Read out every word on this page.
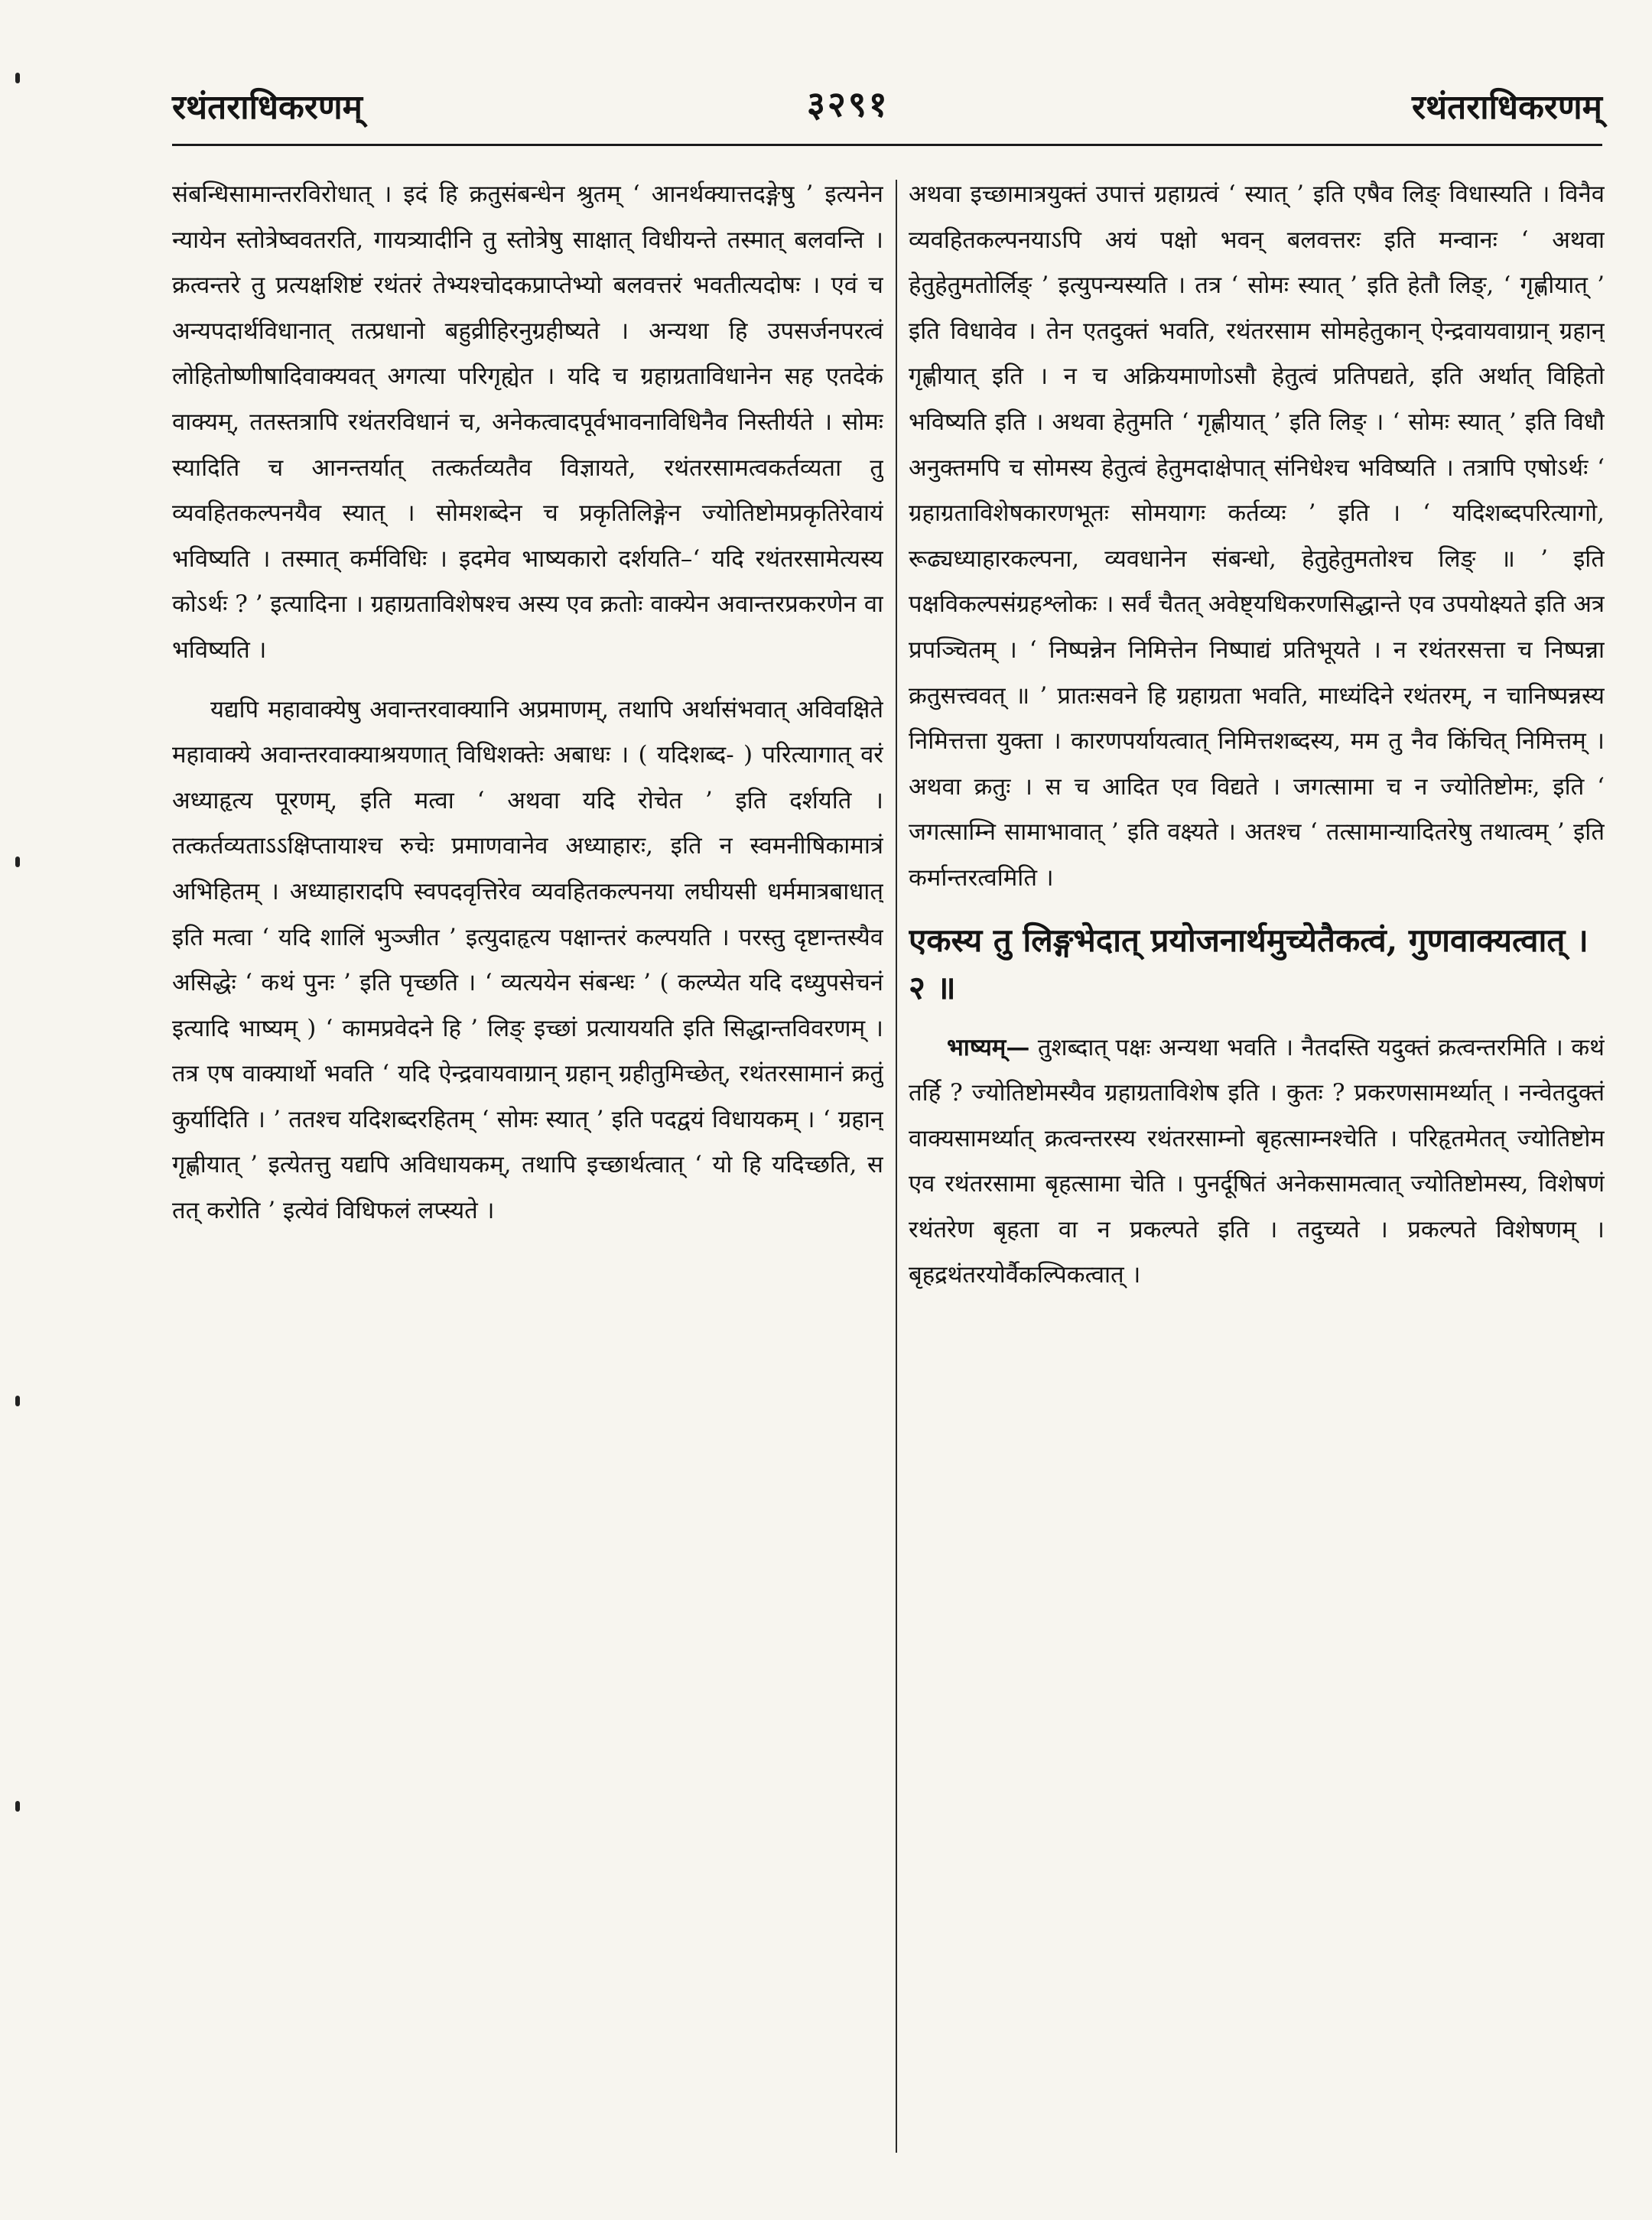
रथंतराधिकरणम्	३२९१	रथंतराधिकरणम्

संबन्धिसामान्तरविरोधात् । इदं हि क्रतुसंबन्धेन श्रुतम् ‘ आनर्थक्यात्तदङ्गेषु ’ इत्यनेन न्यायेन स्तोत्रेष्ववतरति, गायत्र्यादीनि तु स्तोत्रेषु साक्षात् विधीयन्ते तस्मात् बलवन्ति । क्रत्वन्तरे तु प्रत्यक्षशिष्टं रथंतरं तेभ्यश्चोदकप्राप्तेभ्यो बलवत्तरं भवतीत्यदोषः । एवं च अन्यपदार्थविधानात् तत्प्रधानो बहुव्रीहिरनुग्रहीष्यते । अन्यथा हि उपसर्जनपरत्वं लोहितोष्णीषादिवाक्यवत् अगत्या परिगृह्येत । यदि च ग्रहाग्रताविधानेन सह एतदेकं वाक्यम्, ततस्तत्रापि रथंतरविधानं च, अनेकत्वादपूर्वभावनाविधिनैव निस्तीर्यते । सोमः स्यादिति च आनन्तर्यात् तत्कर्तव्यतैव विज्ञायते, रथंतरसामत्वकर्तव्यता तु व्यवहितकल्पनयैव स्यात् । सोमशब्देन च प्रकृतिलिङ्गेन ज्योतिष्टोमप्रकृतिरेवायं भविष्यति । तस्मात् कर्मविधिः । इदमेव भाष्यकारो दर्शयति–‘ यदि रथंतरसामेत्यस्य कोऽर्थः ? ’ इत्यादिना । ग्रहाग्रताविशेषश्च अस्य एव क्रतोः वाक्येन अवान्तरप्रकरणेन वा भविष्यति ।

यद्यपि महावाक्येषु अवान्तरवाक्यानि अप्रमाणम्, तथापि अर्थासंभवात् अविवक्षिते महावाक्ये अवान्तरवाक्याश्रयणात् विधिशक्तेः अबाधः । ( यदिशब्द- ) परित्यागात् वरं अध्याहृत्य पूरणम्, इति मत्वा ‘ अथवा यदि रोचेत ’ इति दर्शयति । तत्कर्तव्यताऽऽक्षिप्तायाश्च रुचेः प्रमाणवानेव अध्याहारः, इति न स्वमनीषिकामात्रं अभिहितम् । अध्याहारादपि स्वपदवृत्तिरेव व्यवहितकल्पनया लघीयसी धर्ममात्रबाधात् इति मत्वा ‘ यदि शालिं भुञ्जीत ’ इत्युदाहृत्य पक्षान्तरं कल्पयति । परस्तु दृष्टान्तस्यैव असिद्धेः ‘ कथं पुनः ’ इति पृच्छति । ‘ व्यत्ययेन संबन्धः ’ ( कल्प्येत यदि दध्युपसेचनं इत्यादि भाष्यम् ) ‘ कामप्रवेदने हि ’ लिङ् इच्छां प्रत्याययति इति सिद्धान्तविवरणम् । तत्र एष वाक्यार्थो भवति ‘ यदि ऐन्द्रवायवाग्रान् ग्रहान् ग्रहीतुमिच्छेत्, रथंतरसामानं क्रतुं कुर्यादिति । ’ ततश्च यदिशब्दरहितम् ‘ सोमः स्यात् ’ इति पदद्वयं विधायकम् । ‘ ग्रहान् गृह्णीयात् ’ इत्येतत्तु यद्यपि अविधायकम्, तथापि इच्छार्थत्वात् ‘ यो हि यदिच्छति, स तत् करोति ’ इत्येवं विधिफलं लप्स्यते ।

अथवा इच्छामात्रयुक्तं उपात्तं ग्रहाग्रत्वं ‘ स्यात् ’ इति एषैव लिङ् विधास्यति । विनैव व्यवहितकल्पनयाऽपि अयं पक्षो भवन् बलवत्तरः इति मन्वानः ‘ अथवा हेतुहेतुमतोर्लिङ् ’ इत्युपन्यस्यति । तत्र ‘ सोमः स्यात् ’ इति हेतौ लिङ्, ‘ गृह्णीयात् ’ इति विधावेव । तेन एतदुक्तं भवति, रथंतरसाम सोमहेतुकान् ऐन्द्रवायवाग्रान् ग्रहान् गृह्णीयात् इति । न च अक्रियमाणोऽसौ हेतुत्वं प्रतिपद्यते, इति अर्थात् विहितो भविष्यति इति । अथवा हेतुमति ‘ गृह्णीयात् ’ इति लिङ् । ‘ सोमः स्यात् ’ इति विधौ अनुक्तमपि च सोमस्य हेतुत्वं हेतुमदाक्षेपात् संनिधेश्च भविष्यति । तत्रापि एषोऽर्थः ‘ ग्रहाग्रताविशेषकारणभूतः सोमयागः कर्तव्यः ’ इति । ‘ यदिशब्दपरित्यागो, रूढ्यध्याहारकल्पना, व्यवधानेन संबन्धो, हेतुहेतुमतोश्च लिङ् ॥ ’ इति पक्षविकल्पसंग्रहश्लोकः । सर्वं चैतत् अवेष्ट्यधिकरणसिद्धान्ते एव उपयोक्ष्यते इति अत्र प्रपञ्चितम् । ‘ निष्पन्नेन निमित्तेन निष्पाद्यं प्रतिभूयते । न रथंतरसत्ता च निष्पन्ना क्रतुसत्त्ववत् ॥ ’ प्रातःसवने हि ग्रहाग्रता भवति, माध्यंदिने रथंतरम्, न चानिष्पन्नस्य निमित्तत्ता युक्ता । कारणपर्यायत्वात् निमित्तशब्दस्य, मम तु नैव किंचित् निमित्तम् । अथवा क्रतुः । स च आदित एव विद्यते । जगत्सामा च न ज्योतिष्टोमः, इति ‘ जगत्साम्नि सामाभावात् ’ इति वक्ष्यते । अतश्च ‘ तत्सामान्यादितरेषु तथात्वम् ’ इति कर्मान्तरत्वमिति ।

एकस्य तु लिङ्गभेदात् प्रयोजनार्थमुच्येतैकत्वं, गुणवाक्यत्वात् । २ ॥

भाष्यम्— तुशब्दात् पक्षः अन्यथा भवति । नैतदस्ति यदुक्तं क्रत्वन्तरमिति । कथं तर्हि ? ज्योतिष्टोमस्यैव ग्रहाग्रताविशेष इति । कुतः ? प्रकरणसामर्थ्यात् । नन्वेतदुक्तं वाक्यसामर्थ्यात् क्रत्वन्तरस्य रथंतरसाम्नो बृहत्साम्नश्चेति । परिहृतमेतत् ज्योतिष्टोम एव रथंतरसामा बृहत्सामा चेति । पुनर्दूषितं अनेकसामत्वात् ज्योतिष्टोमस्य, विशेषणं रथंतरेण बृहता वा न प्रकल्पते इति । तदुच्यते । प्रकल्पते विशेषणम् । बृहद्रथंतरयोर्वैकल्पिकत्वात् ।
